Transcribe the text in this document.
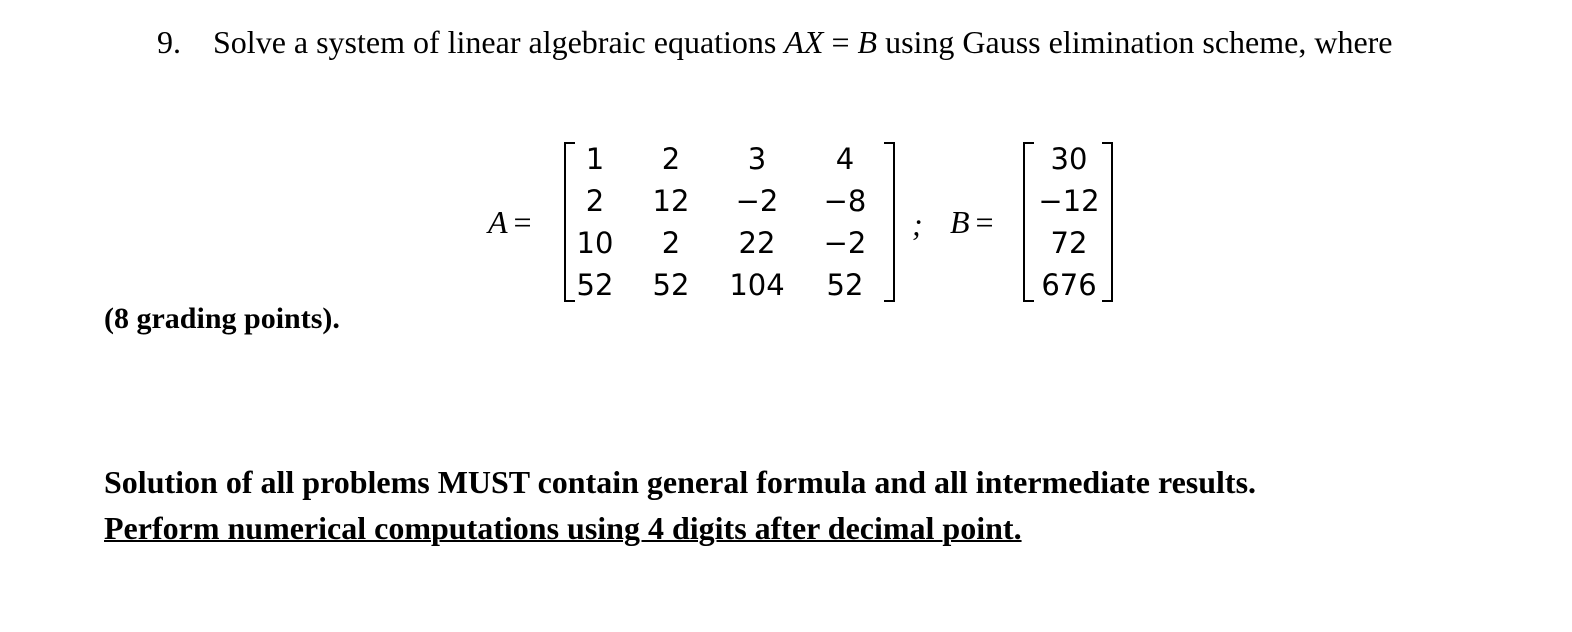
9. Solve a system of linear algebraic equations AX = B using Gauss elimination scheme, where
A =
1	2	3	4
2	12	−2	−8
10	2	22	−2
52 52 104	52
; B =
30
−12
72
676
(8 grading points).
Solution of all problems MUST contain general formula and all intermediate results.
Perform numerical computations using 4 digits after decimal point.
